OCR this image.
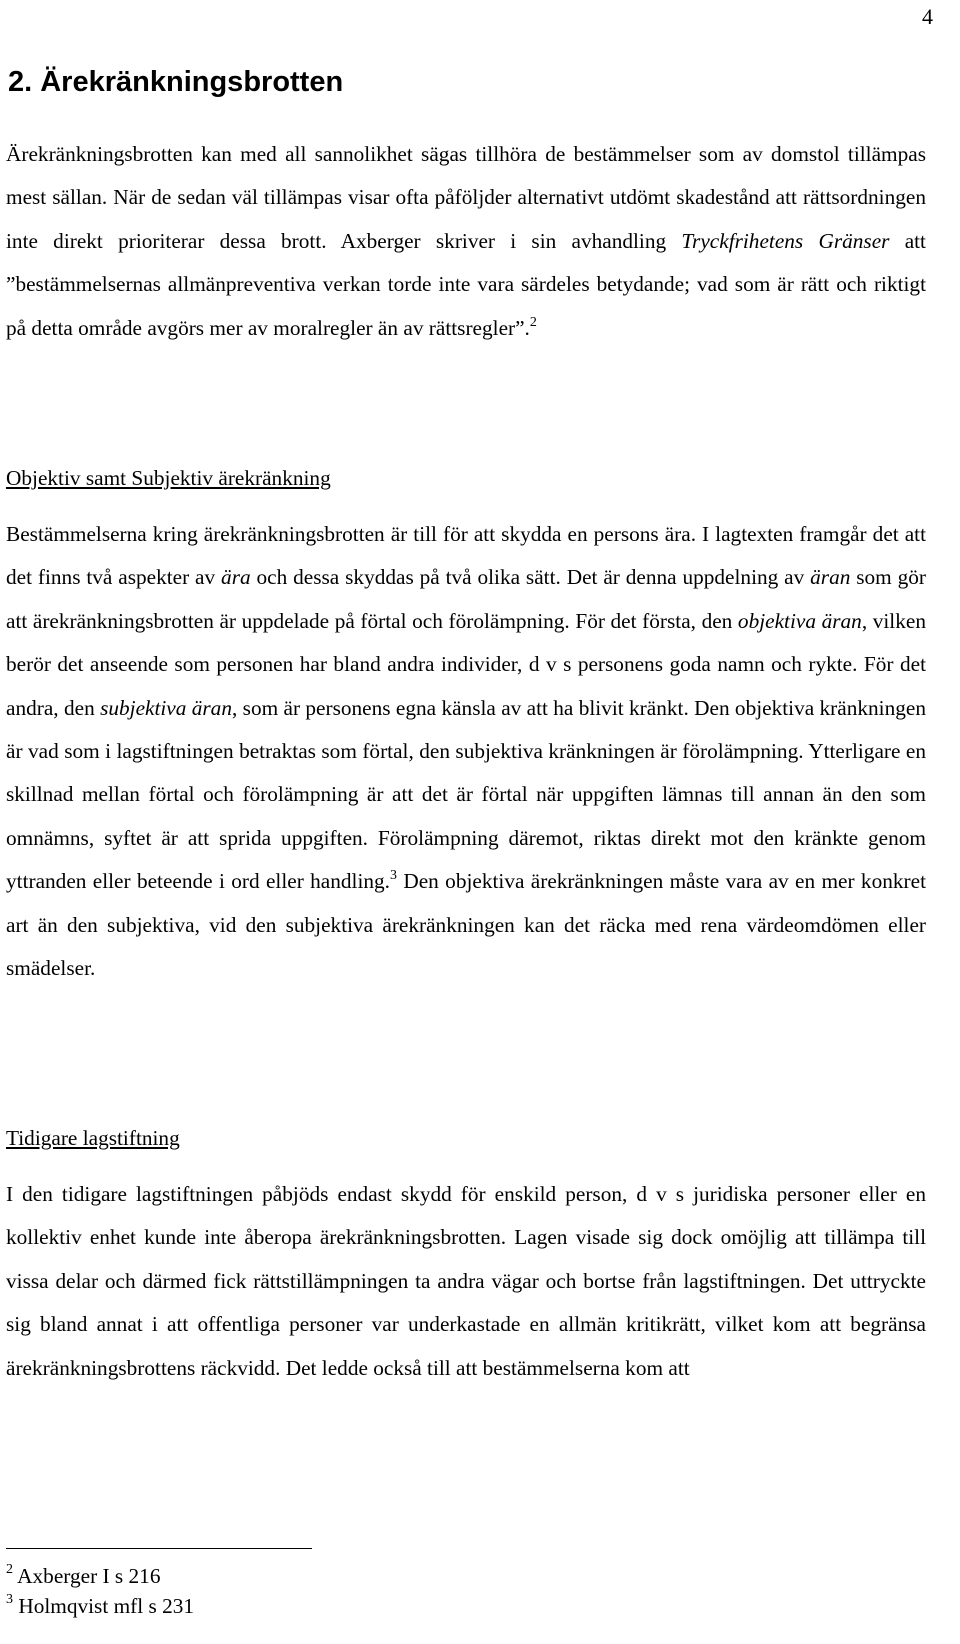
4
2. Ärekränkningsbrotten

Ärekränkningsbrotten kan med all sannolikhet sägas tillhöra de bestämmelser som av domstol tillämpas mest sällan. När de sedan väl tillämpas visar ofta påföljder alternativt utdömt skadestånd att rättsordningen inte direkt prioriterar dessa brott. Axberger skriver i sin avhandling Tryckfrihetens Gränser att ”bestämmelsernas allmänpreventiva verkan torde inte vara särdeles betydande; vad som är rätt och riktigt på detta område avgörs mer av moralregler än av rättsregler”.$^2$

Objektiv samt Subjektiv ärekränkning

Bestämmelserna kring ärekränkningsbrotten är till för att skydda en persons ära. I lagtexten framgår det att det finns två aspekter av ära och dessa skyddas på två olika sätt. Det är denna uppdelning av äran som gör att ärekränkningsbrotten är uppdelade på förtal och förolämpning. För det första, den objektiva äran, vilken berör det anseende som personen har bland andra individer, d v s personens goda namn och rykte. För det andra, den subjektiva äran, som är personens egna känsla av att ha blivit kränkt. Den objektiva kränkningen är vad som i lagstiftningen betraktas som förtal, den subjektiva kränkningen är förolämpning. Ytterligare en skillnad mellan förtal och förolämpning är att det är förtal när uppgiften lämnas till annan än den som omnämns, syftet är att sprida uppgiften. Förolämpning däremot, riktas direkt mot den kränkte genom yttranden eller beteende i ord eller handling.$^3$ Den objektiva ärekränkningen måste vara av en mer konkret art än den subjektiva, vid den subjektiva ärekränkningen kan det räcka med rena värdeomdömen eller smädelser.

Tidigare lagstiftning

I den tidigare lagstiftningen påbjöds endast skydd för enskild person, d v s juridiska personer eller en kollektiv enhet kunde inte åberopa ärekränkningsbrotten. Lagen visade sig dock omöjlig att tillämpa till vissa delar och därmed fick rättstillämpningen ta andra vägar och bortse från lagstiftningen. Det uttryckte sig bland annat i att offentliga personer var underkastade en allmän kritikrätt, vilket kom att begränsa ärekränkningsbrottens räckvidd. Det ledde också till att bestämmelserna kom att

$^2$ Axberger I s 216
$^3$ Holmqvist mfl s 231
